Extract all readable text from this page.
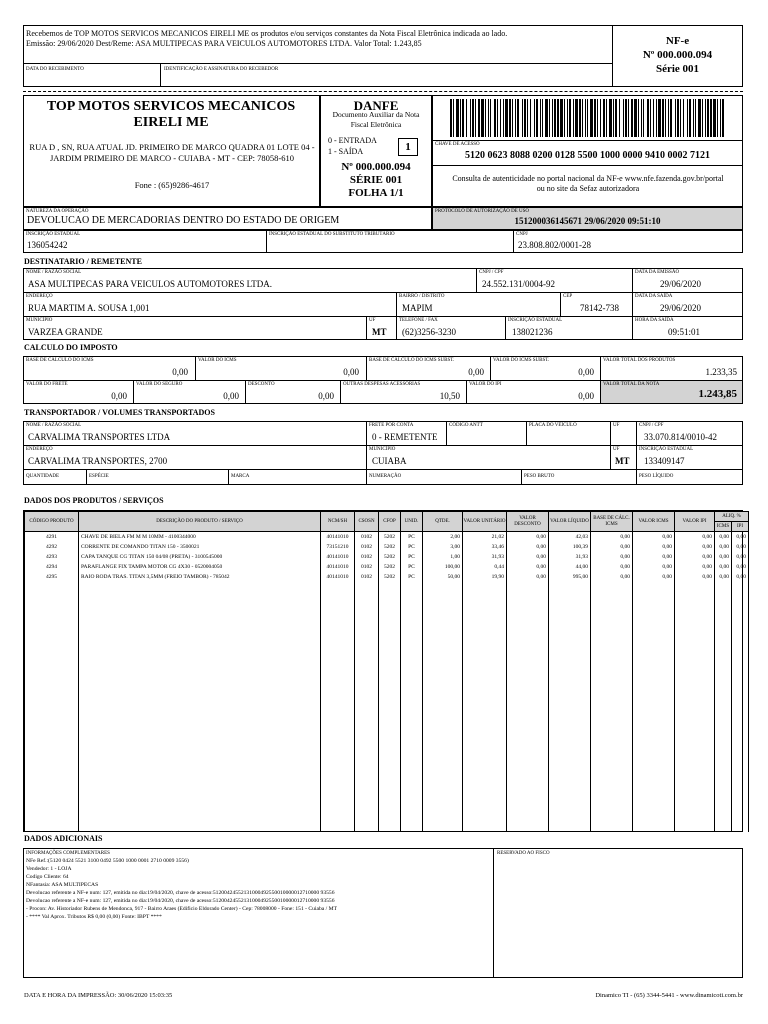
Recebemos de TOP MOTOS SERVICOS MECANICOS EIRELI ME os produtos e/ou serviços constantes da Nota Fiscal Eletrônica indicada ao lado.
Emissão: 29/06/2020 Dest/Reme: ASA MULTIPECAS PARA VEICULOS AUTOMOTORES LTDA. Valor Total: 1.243,85
DATA DO RECEBIMENTO	IDENTIFICAÇÃO E ASSINATURA DO RECEBEDOR
NF-e
Nº 000.000.094
Série 001
TOP MOTOS SERVICOS MECANICOS EIRELI ME
RUA D , SN, RUA ATUAL JD. PRIMEIRO DE MARCO QUADRA 01 LOTE 04 - JARDIM PRIMEIRO DE MARCO - CUIABA - MT - CEP: 78058-610
Fone : (65)9286-4617
DANFE
Documento Auxiliar da Nota Fiscal Eletrônica
0 - ENTRADA
1 - SAÍDA	1
Nº 000.000.094
SÉRIE 001
FOLHA 1/1
CHAVE DE ACESSO
5120 0623 8088 0200 0128 5500 1000 0000 9410 0002 7121
Consulta de autenticidade no portal nacional da NF-e www.nfe.fazenda.gov.br/portal ou no site da Sefaz autorizadora
NATUREZA DA OPERAÇÃO
DEVOLUCAO DE MERCADORIAS DENTRO DO ESTADO DE ORIGEM
PROTOCOLO DE AUTORIZAÇÃO DE USO
151200036145671 29/06/2020 09:51:10
INSCRIÇÃO ESTADUAL
136054242
INSCRIÇÃO ESTADUAL DO SUBSTITUTO TRIBUTÁRIO	CNPJ
23.808.802/0001-28
DESTINATARIO / REMETENTE
NOME / RAZÃO SOCIAL
ASA MULTIPECAS PARA VEICULOS AUTOMOTORES LTDA.
CNPJ / CPF
24.552.131/0004-92
DATA DA EMISSÃO
29/06/2020
ENDEREÇO
RUA MARTIM A. SOUSA 1,001
BAIRRO / DISTRITO
MAPIM
CEP
78142-738
DATA DA SAÍDA
29/06/2020
MUNICÍPIO
VARZEA GRANDE
UF
MT
TELEFONE / FAX
(62)3256-3230
INSCRIÇÃO ESTADUAL
138021236
HORA DA SAÍDA
09:51:01
CALCULO DO IMPOSTO
BASE DE CÁLCULO DO ICMS
0,00
VALOR DO ICMS
0,00
BASE DE CÁLCULO DO ICMS SUBST.
0,00
VALOR DO ICMS SUBST.
0,00
VALOR TOTAL DOS PRODUTOS
1.233,35
VALOR DO FRETE
0,00
VALOR DO SEGURO
0,00
DESCONTO
0,00
OUTRAS DESPESAS ACESSÓRIAS
10,50
VALOR DO IPI
0,00
VALOR TOTAL DA NOTA
1.243,85
TRANSPORTADOR / VOLUMES TRANSPORTADOS
NOME / RAZÃO SOCIAL
CARVALIMA TRANSPORTES LTDA
FRETE POR CONTA
0 - REMETENTE
CÓDIGO ANTT	PLACA DO VEÍCULO	UF	CNPJ / CPF
33.070.814/0010-42
ENDEREÇO
CARVALIMA TRANSPORTES, 2700
MUNICÍPIO
CUIABA
UF
MT
INSCRIÇÃO ESTADUAL
133409147
QUANTIDADE	ESPÉCIE	MARCA	NUMERAÇÃO	PESO BRUTO	PESO LÍQUIDO
DADOS DOS PRODUTOS / SERVIÇOS
CÓDIGO PRODUTO	DESCRIÇÃO DO PRODUTO / SERVIÇO	NCM/SH	CSOSN	CFOP	UNID.	QTDE.	VALOR UNITÁRIO	VALOR DESCONTO	VALOR LÍQUIDO	BASE DE CÁLC. ICMS	VALOR ICMS	VALOR IPI	ALIQ. %	
													ICMS	IPI
4291	CHAVE DE BIELA FM M M 10MM - 4100344000	40141010	0102	5202	PC	2,00	21,02	0,00	42,03	0,00	0,00	0,00	0,00	0,00
4292	CORRENTE DE COMANDO TITAN 150 - 3500021	73151210	0102	5202	PC	3,00	33,46	0,00	100,39	0,00	0,00	0,00	0,00	0,00
4293	CAPA TANQUE CG TITAN 150 04/08 (PRETA) - 3100545000	40141010	0102	5202	PC	1,00	31,93	0,00	31,93	0,00	0,00	0,00	0,00	0,00
4294	PARAFLANGE FIX TAMPA MOTOR CG 4X30 - 0520004050	40141010	0102	5202	PC	100,00	0,44	0,00	44,00	0,00	0,00	0,00	0,00	0,00
4295	RAIO RODA TRAS. TITAN 3,5MM (FREIO TAMBOR) - 785042	40141010	0102	5202	PC	50,00	19,90	0,00	995,00	0,00	0,00	0,00	0,00	0,00

DADOS ADICIONAIS
INFORMAÇÕES COMPLEMENTARES
NFe Ref.:(5120 0424 5521 3100 0492 5500 1000 0001 2710 0009 3556)
Vendedor: 1 - LOJA
Codigo Cliente: 64
NFantasia: ASA MULTIPECAS
Devolucao referente a NF-e num: 127, emitida no dia:19/04/2020, chave de acesso:51200424552131000492550010000012710000 93556
Devolucao referente a NF-e num: 127, emitida no dia:19/04/2020, chave de acesso:51200424552131000492550010000012710000 93556
- Procon: Av. Historiador Rubens de Mendonca, 917 - Bairro Araes (Edificio Eldorado Center) - Cep: 78008000 - Fone: 151 - Cuiaba / MT
- **** Val Aprox. Tributos R$ 0,00 (0,00) Fonte: IBPT ****
RESERVADO AO FISCO
DATA E HORA DA IMPRESSÃO: 30/06/2020 15:03:35	Dinamico TI - (65) 3344-5441 - www.dinamicoti.com.br
